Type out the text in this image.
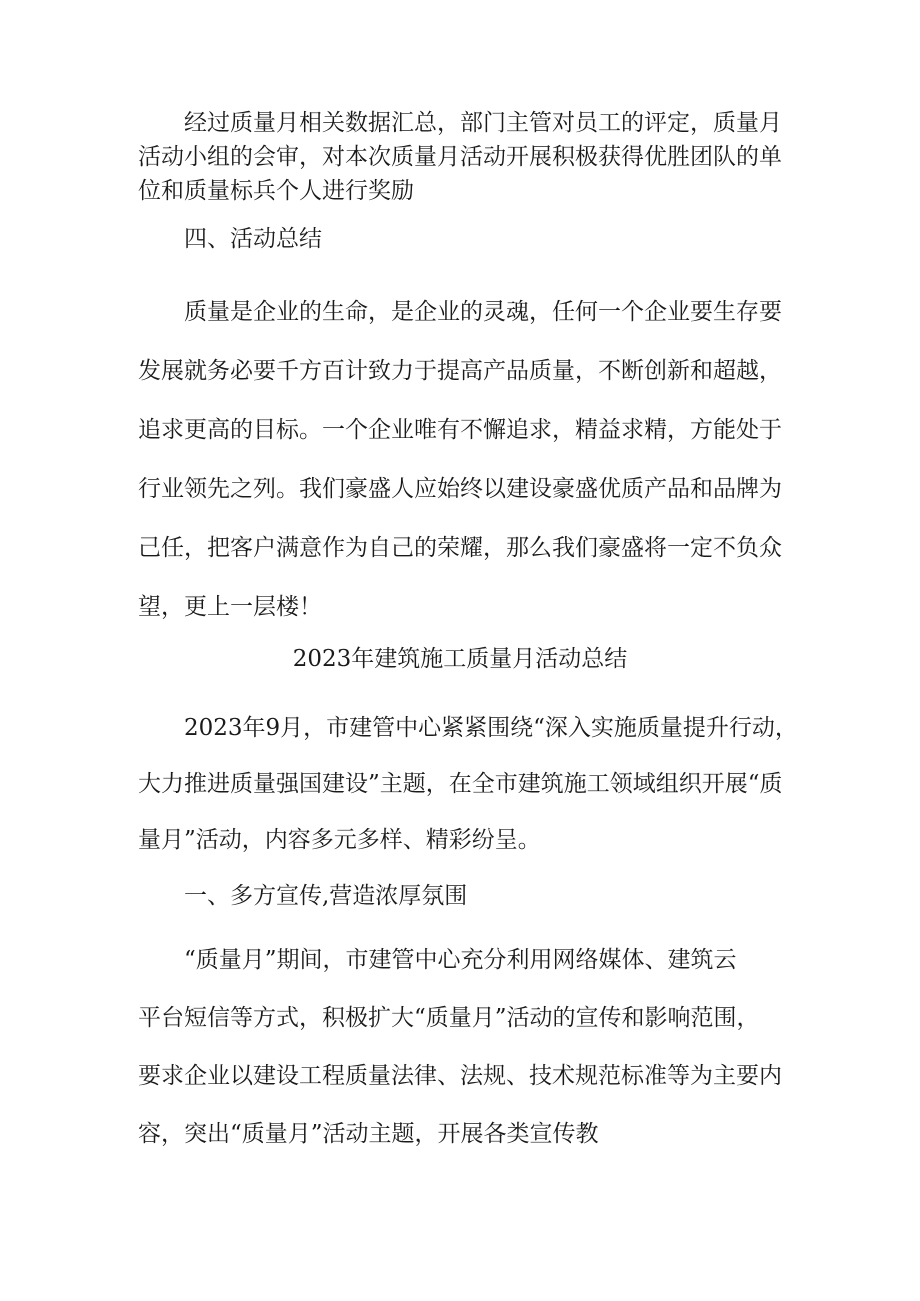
经过质量月相关数据汇总，部门主管对员工的评定，质量月
活动小组的会审，对本次质量月活动开展积极获得优胜团队的单
位和质量标兵个人进行奖励

四、活动总结

质量是企业的生命，是企业的灵魂，任何一个企业要生存要
发展就务必要千方百计致力于提高产品质量，不断创新和超越，
追求更高的目标。一个企业唯有不懈追求，精益求精，方能处于
行业领先之列。我们豪盛人应始终以建设豪盛优质产品和品牌为
己任，把客户满意作为自己的荣耀，那么我们豪盛将一定不负众
望，更上一层楼！

2023年建筑施工质量月活动总结

2023年9月，市建管中心紧紧围绕“深入实施质量提升行动，
大力推进质量强国建设”主题，在全市建筑施工领域组织开展“质
量月”活动，内容多元多样、精彩纷呈。

一、多方宣传,营造浓厚氛围

“质量月”期间，市建管中心充分利用网络媒体、建筑云
平台短信等方式，积极扩大“质量月”活动的宣传和影响范围，
要求企业以建设工程质量法律、法规、技术规范标准等为主要内
容，突出“质量月”活动主题，开展各类宣传教
